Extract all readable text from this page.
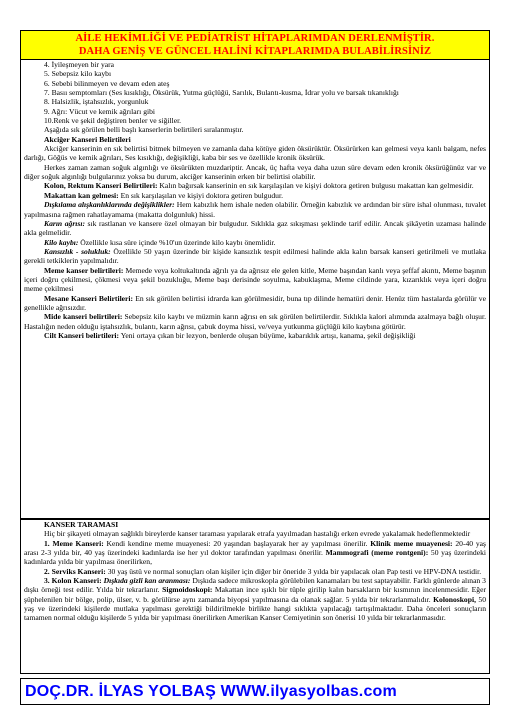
AİLE HEKİMLİĞİ VE PEDİATRİST HİTAPLARIMDAN DERLENMİŞTİR.
DAHA GENİŞ VE GÜNCEL HALİNİ KİTAPLARIMDA BULABİLİRSİNİZ

4. İyileşmeyen bir yara

5. Sebepsiz kilo kaybı

6. Sebebi bilinmeyen ve devam eden ateş

7. Basıı semptomları (Ses kısıklığı, Öksürük, Yutma güçlüğü, Sarılık, Bulantı-kusma, İdrar yolu ve barsak tıkanıklığı

8. Halsizlik, iştahsızlık, yorgunluk

9. Ağrı: Vücut ve kemik ağrıları gibi

10.Renk ve şekil değiştiren benler ve siğiller.

Aşağıda sık görülen belli başlı kanserlerin belirtileri sıralanmıştır.

Akciğer Kanseri Belirtileri

Akciğer kanserinin en sık belirtisi bitmek bilmeyen ve zamanla daha kötüye giden öksürüktür. Öksürürken kan gelmesi veya kanlı balgam, nefes darlığı, Göğüs ve kemik ağrıları, Ses kısıklığı, değişikliği, kaba bir ses ve özellikle kronik öksürük.

Herkes zaman zaman soğuk algınlığı ve öksürükten muzdariptir. Ancak, üç hafta veya daha uzun süre devam eden kronik öksürüğünüz var ve diğer soğuk algınlığı bulgularınız yoksa bu durum, akciğer kanserinin erken bir belirtisi olabilir.

Kolon, Rektum Kanseri Belirtileri: Kalın bağırsak kanserinin en sık karşılaşılan ve kişiyi doktora getiren bulgusu makattan kan gelmesidir.

Makattan kan gelmesi: En sık karşılaşılan ve kişiyi doktora getiren bulgudur.

Dışkılama alışkanlıklarında değişiklikler: Hem kabızlık hem ishale neden olabilir. Örneğin kabızlık ve ardından bir süre ishal olunması, tuvalet yapılmasına rağmen rahatlayamama (makatta dolgunluk) hissi.

Karın ağrısı: sık rastlanan ve kansere özel olmayan bir bulgudur. Sıklıkla gaz sıkışması şeklinde tarif edilir. Ancak şikâyetin uzaması halinde akla gelmelidir.

Kilo kaybı: Özellikle kısa süre içinde %10'un üzerinde kilo kaybı önemlidir.

Kansızlık - solukluk: Özellikle 50 yaşın üzerinde bir kişide kansızlık tespit edilmesi halinde akla kalın barsak kanseri getirilmeli ve mutlaka gerekli tetkiklerin yapılmalıdır.

Meme kanser belirtileri: Memede veya koltukaltında ağrılı ya da ağrısız ele gelen kitle, Meme başından kanlı veya şeffaf akıntı, Meme başının içeri doğru çekilmesi, çökmesi veya şekil bozukluğu, Meme başı derisinde soyulma, kabuklaşma, Meme cildinde yara, kızarıklık veya içeri doğru meme çekilmesi

Mesane Kanseri Belirtileri: En sık görülen belirtisi idrarda kan görülmesidir, buna tıp dilinde hematüri denir. Henüz tüm hastalarda görülür ve genellikle ağrısızdır.

Mide kanseri belirtileri: Sebepsiz kilo kaybı ve müzmin karın ağrısı en sık görülen belirtilerdir. Sıklıkla kalori alımında azalmaya bağlı oluşur. Hastalığın neden olduğu iştahsızlık, bulantı, karın ağrısı, çabuk doyma hissi, ve/veya yutkunma güçlüğü kilo kaybına götürür.

Cilt Kanseri belirtileri: Yeni ortaya çıkan bir lezyon, benlerde oluşan büyüme, kabarıklık artışı, kanama, şekil değişikliği

KANSER TARAMASI

Hiç bir şikayeti olmayan sağlıklı bireylerde kanser taraması yapılarak etrafa yayılmadan hastalığı erken evrede yakalamak hedeflenmektedir

1. Meme Kanseri: Kendi kendine meme muayenesi: 20 yaşından başlayarak her ay yapılması önerilir. Klinik meme muayenesi: 20-40 yaş arası 2-3 yılda bir, 40 yaş üzerindeki kadınlarda ise her yıl doktor tarafından yapılması önerilir. Mammografi (meme rontgeni): 50 yaş üzerindeki kadınlarda yılda bir yapılması önerilirken,

2. Serviks Kanseri: 30 yaş üstü ve normal sonuçları olan kişiler için diğer bir öneride 3 yılda bir yapılacak olan Pap testi ve HPV-DNA testidir.

3. Kolon Kanseri: Dışkıda gizli kan aranması: Dışkıda sadece mikroskopla görülebilen kanamaları bu test saptayabilir. Farklı günlerde alınan 3 dışkı örneği test edilir. Yılda bir tekrarlanır. Sigmoidoskopi: Makattan ince ışıklı bir tüple girilip kalın barsakların bir kısmının incelenmesidir. Eğer şüphelenilen bir bölge, polip, ülser, v. b. görülürse aynı zamanda biyopsi yapılmasına da olanak sağlar. 5 yılda bir tekrarlanmalıdır. Kolonoskopi, 50 yaş ve üzerindeki kişilerde mutlaka yapılması gerektiği bildirilmekle birlikte hangi sıklıkta yapılacağı tartışılmaktadır. Daha önceleri sonuçların tamamen normal olduğu kişilerde 5 yılda bir yapılması önerilirken Amerikan Kanser Cemiyetinin son önerisi 10 yılda bir tekrarlanmasıdır.

DOÇ.DR. İLYAS YOLBAŞ WWW.ilyasyolbas.com
